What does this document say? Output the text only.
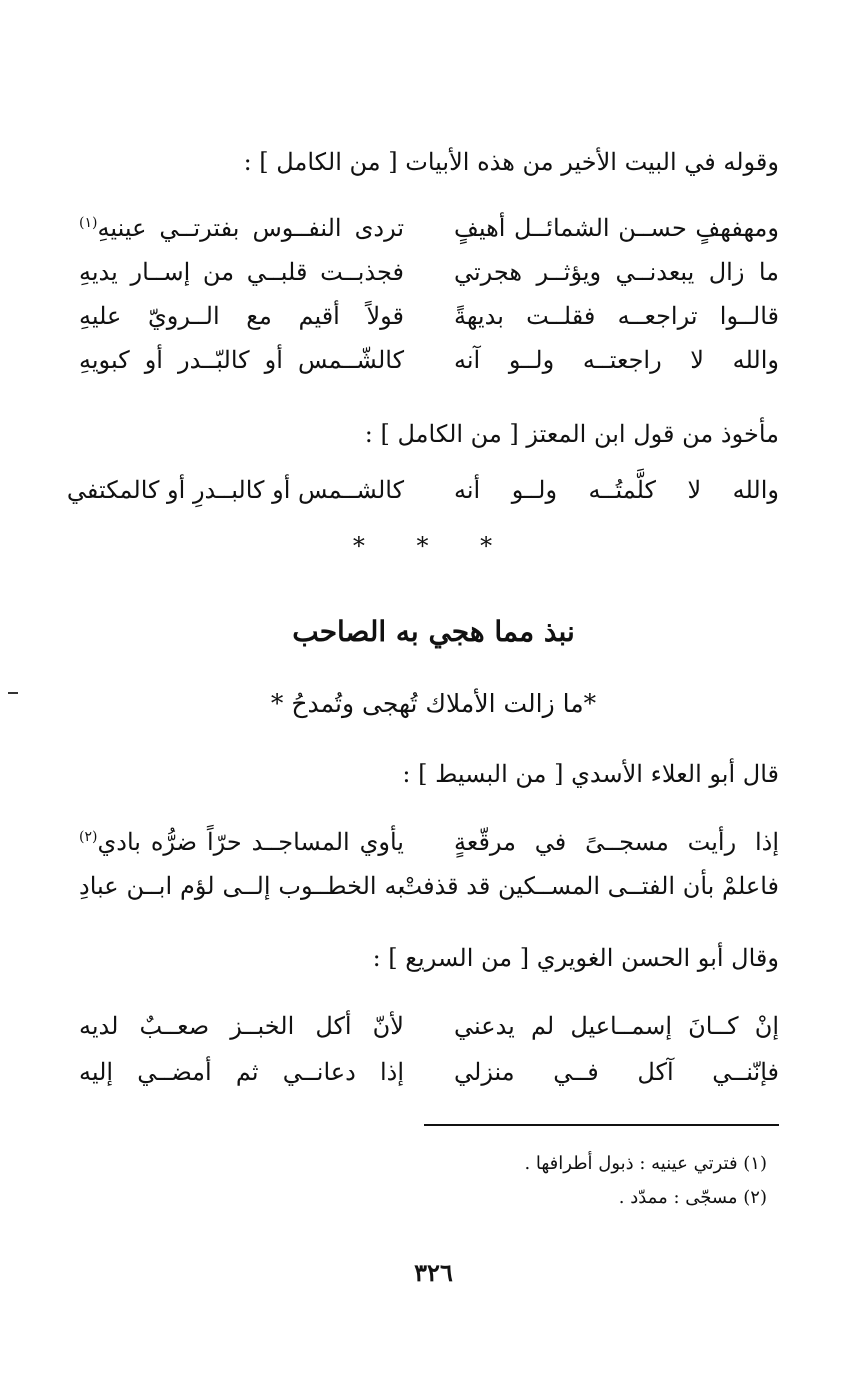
وقوله في البيت الأخير من هذه الأبيات [ من الكامل ] :
ومهفهفٍ حســن الشمائــل أهيفٍ
تردى النفــوس بفترتــي عينيهِ$^{(١)}$
ما زال يبعدنــي ويؤثــر هجرتي
فجذبــت قلبــي من إســار يديهِ
قالــوا تراجعــه فقلــت بديهةً
قولاً أقيم مع الــرويّ عليهِ
والله لا راجعتــه ولــو آنه
كالشّــمس أو كالبّــدر أو كبويهِ
مأخوذ من قول ابن المعتز [ من الكامل ] :
والله لا كلَّمتُــه ولــو أنه
كالشــمس أو كالبــدرِ أو كالمكتفي
* * *
نبذ مما هجي به الصاحب
*ما زالت الأملاك تُهجى وتُمدحُ *
قال أبو العلاء الأسدي [ من البسيط ] :
إذا رأيت مسجــىً في مرقّعةٍ
يأوي المساجــد حرّاً ضرُّه بادي$^{(٢)}$
فاعلمْ بأن الفتــى المســكين قد قذفتْ
به الخطــوب إلــى لؤم ابــن عبادِ
وقال أبو الحسن الغويري [ من السريع ] :
إنْ كــانَ إسمــاعيل لم يدعني
لأنّ أكل الخبــز صعــبٌ لديه
فإنّنــي آكل فــي منزلي
إذا دعانــي ثم أمضــي إليه
(١) فترتي عينيه : ذبول أطرافها .
(٢) مسجّى : ممدّد .
٣٢٦
